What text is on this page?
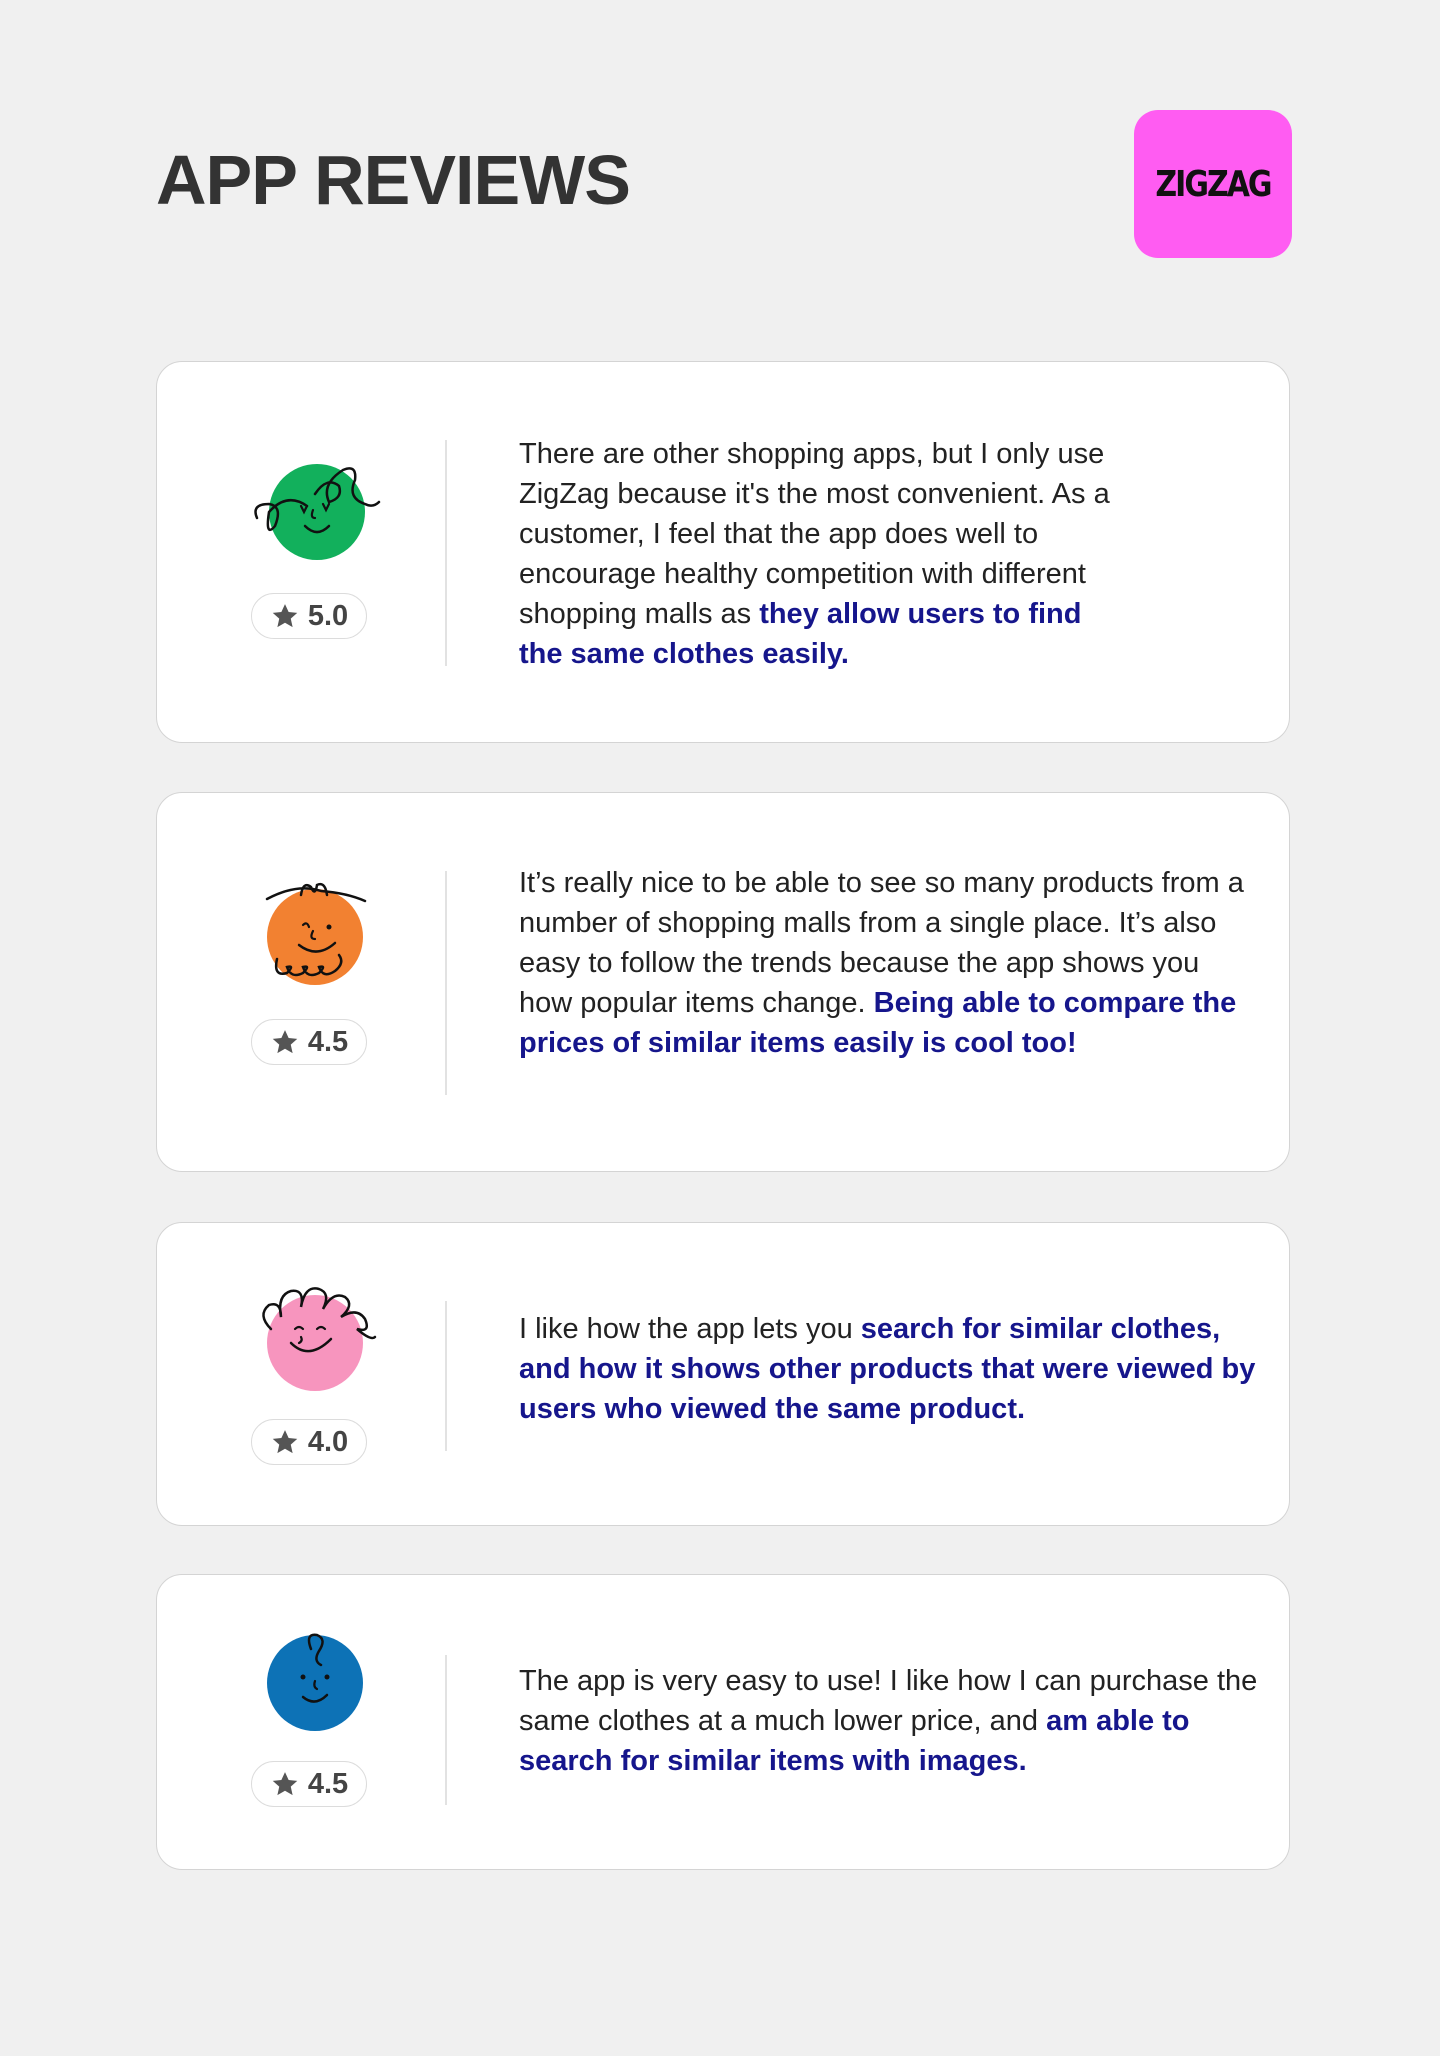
APP REVIEWS	ZIGZAG
5.0

There are other shopping apps, but I only use ZigZag because it's the most convenient. As a customer, I feel that the app does well to encourage healthy competition with different shopping malls as they allow users to find the same clothes easily.

4.5

It’s really nice to be able to see so many products from a number of shopping malls from a single place. It’s also easy to follow the trends because the app shows you how popular items change. Being able to compare the prices of similar items easily is cool too!

4.0

I like how the app lets you search for similar clothes, and how it shows other products that were viewed by users who viewed the same product.

4.5

The app is very easy to use! I like how I can purchase the same clothes at a much lower price, and am able to search for similar items with images.
